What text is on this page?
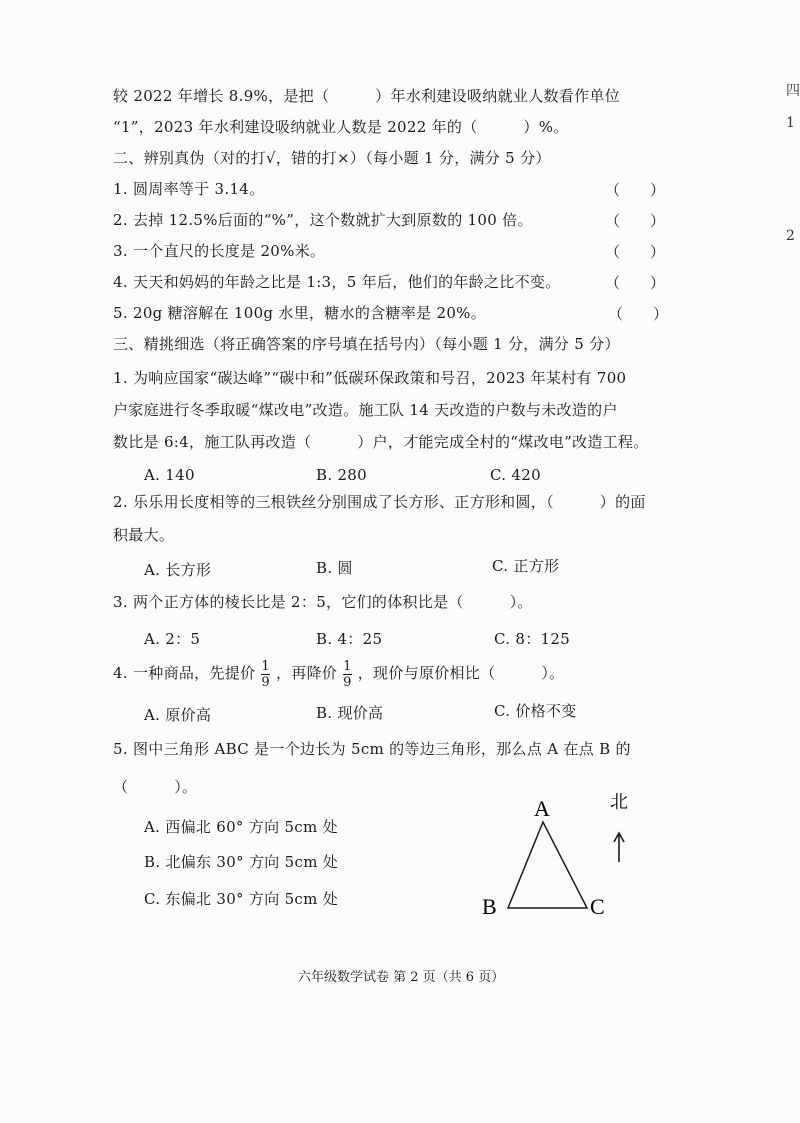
四
1
2
较 2022 年增长 8.9%，是把（　　　）年水利建设吸纳就业人数看作单位
“1”，2023 年水利建设吸纳就业人数是 2022 年的（　　　）%。
二、辨别真伪（对的打√，错的打×）（每小题 1 分，满分 5 分）
1. 圆周率等于 3.14。	（　　）
2. 去掉 12.5%后面的“%”，这个数就扩大到原数的 100 倍。	（　　）
3. 一个直尺的长度是 20%米。	（　　）
4. 天天和妈妈的年龄之比是 1:3，5 年后，他们的年龄之比不变。	（　　）
5. 20g 糖溶解在 100g 水里，糖水的含糖率是 20%。	（　　）
三、精挑细选（将正确答案的序号填在括号内）（每小题 1 分，满分 5 分）
1. 为响应国家“碳达峰”“碳中和”低碳环保政策和号召，2023 年某村有 700
户家庭进行冬季取暖“煤改电”改造。施工队 14 天改造的户数与未改造的户
数比是 6:4，施工队再改造（　　　）户，才能完成全村的“煤改电”改造工程。
A. 140	B. 280	C. 420
2. 乐乐用长度相等的三根铁丝分别围成了长方形、正方形和圆，（　　　）的面
积最大。
A. 长方形	B. 圆	C. 正方形
3. 两个正方体的棱长比是 2：5，它们的体积比是（　　　）。
A. 2：5	B. 4：25	C. 8：125
4. 一种商品，先提价 $\frac{1}{9}$ ，再降价 $\frac{1}{9}$ ，现价与原价相比（　　　）。
A. 原价高	B. 现价高	C. 价格不变
5. 图中三角形 ABC 是一个边长为 5cm 的等边三角形，那么点 A 在点 B 的
（　　　）。
A. 西偏北 60° 方向 5cm 处
B. 北偏东 30° 方向 5cm 处
C. 东偏北 30° 方向 5cm 处
A
B	C
北
六年级数学试卷 第 2 页（共 6 页）
